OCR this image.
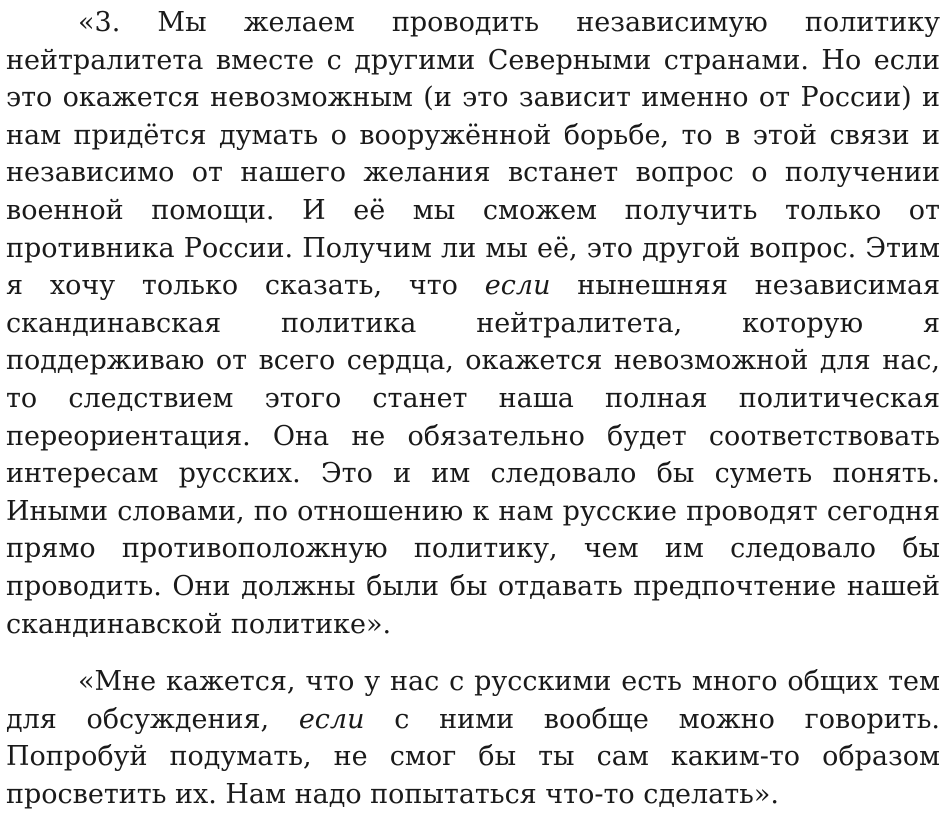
«3. Мы желаем проводить независимую политику нейтралитета вместе с другими Северными странами. Но если это окажется невозможным (и это зависит именно от России) и нам придётся думать о вооружённой борьбе, то в этой связи и независимо от нашего желания встанет вопрос о получении военной помощи. И её мы сможем получить только от противника России. Получим ли мы её, это другой вопрос. Этим я хочу только сказать, что если нынешняя независимая скандинавская политика нейтралитета, которую я поддерживаю от всего сердца, окажется невозможной для нас, то следствием этого станет наша полная политическая переориентация. Она не обязательно будет соответствовать интересам русских. Это и им следовало бы суметь понять. Иными словами, по отношению к нам русские проводят сегодня прямо противоположную политику, чем им следовало бы проводить. Они должны были бы отдавать предпочтение нашей скандинавской политике».

«Мне кажется, что у нас с русскими есть много общих тем для обсуждения, если с ними вообще можно говорить. Попробуй подумать, не смог бы ты сам каким-то образом просветить их. Нам надо попытаться что-то сделать».
